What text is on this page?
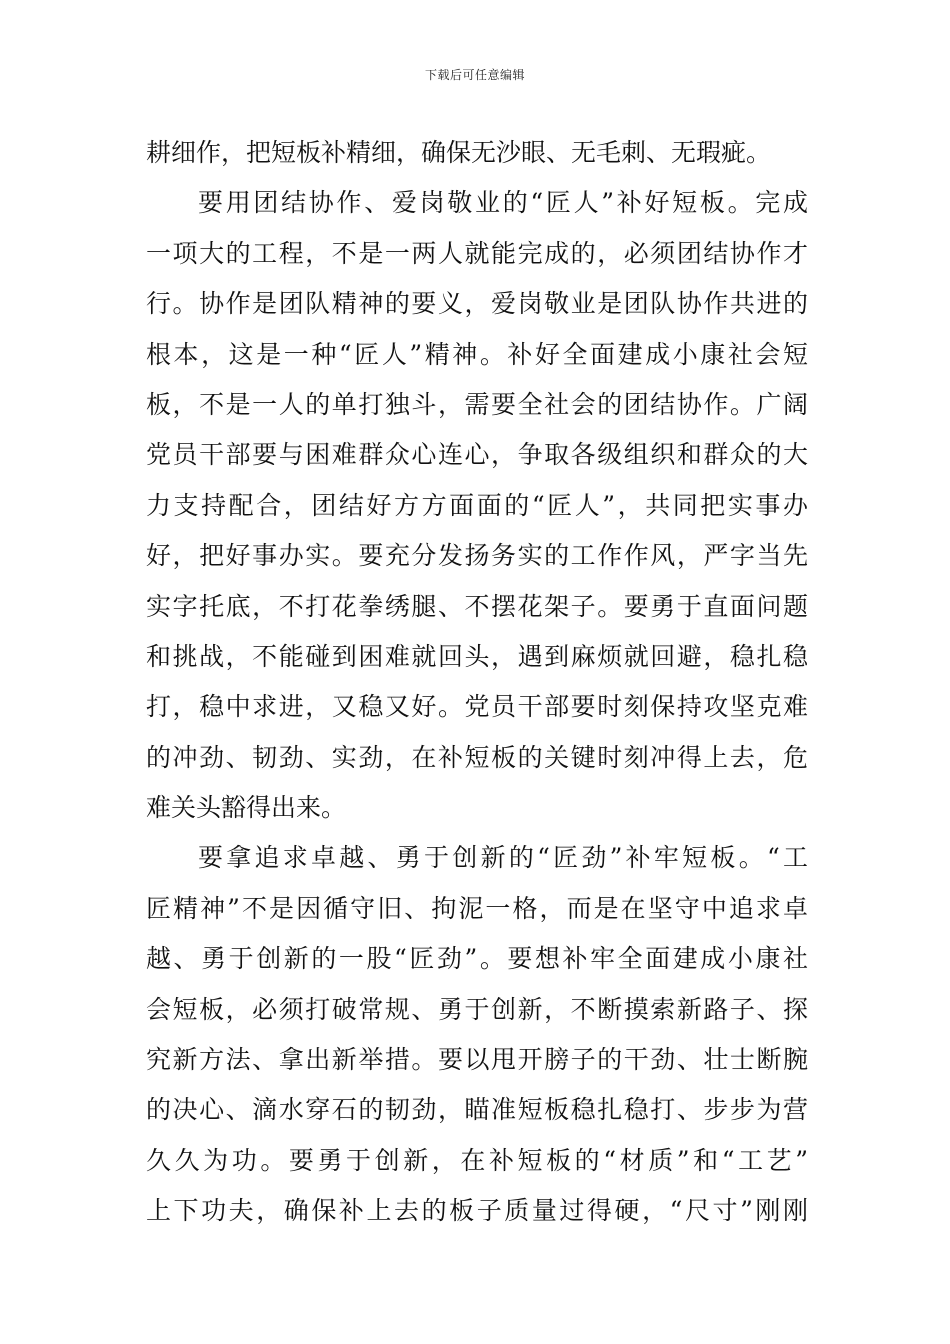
下载后可任意编辑
耕细作，把短板补精细，确保无沙眼、无毛刺、无瑕疵。
要用团结协作、爱岗敬业的“匠人”补好短板。完成
一项大的工程，不是一两人就能完成的，必须团结协作才
行。协作是团队精神的要义，爱岗敬业是团队协作共进的
根本，这是一种“匠人”精神。补好全面建成小康社会短
板，不是一人的单打独斗，需要全社会的团结协作。广阔
党员干部要与困难群众心连心，争取各级组织和群众的大
力支持配合，团结好方方面面的“匠人”，共同把实事办
好，把好事办实。要充分发扬务实的工作作风，严字当先
实字托底，不打花拳绣腿、不摆花架子。要勇于直面问题
和挑战，不能碰到困难就回头，遇到麻烦就回避，稳扎稳
打，稳中求进，又稳又好。党员干部要时刻保持攻坚克难
的冲劲、韧劲、实劲，在补短板的关键时刻冲得上去，危
难关头豁得出来。
要拿追求卓越、勇于创新的“匠劲”补牢短板。“工
匠精神”不是因循守旧、拘泥一格，而是在坚守中追求卓
越、勇于创新的一股“匠劲”。要想补牢全面建成小康社
会短板，必须打破常规、勇于创新，不断摸索新路子、探
究新方法、拿出新举措。要以甩开膀子的干劲、壮士断腕
的决心、滴水穿石的韧劲，瞄准短板稳扎稳打、步步为营
久久为功。要勇于创新，在补短板的“材质”和“工艺”
上下功夫，确保补上去的板子质量过得硬，“尺寸”刚刚
